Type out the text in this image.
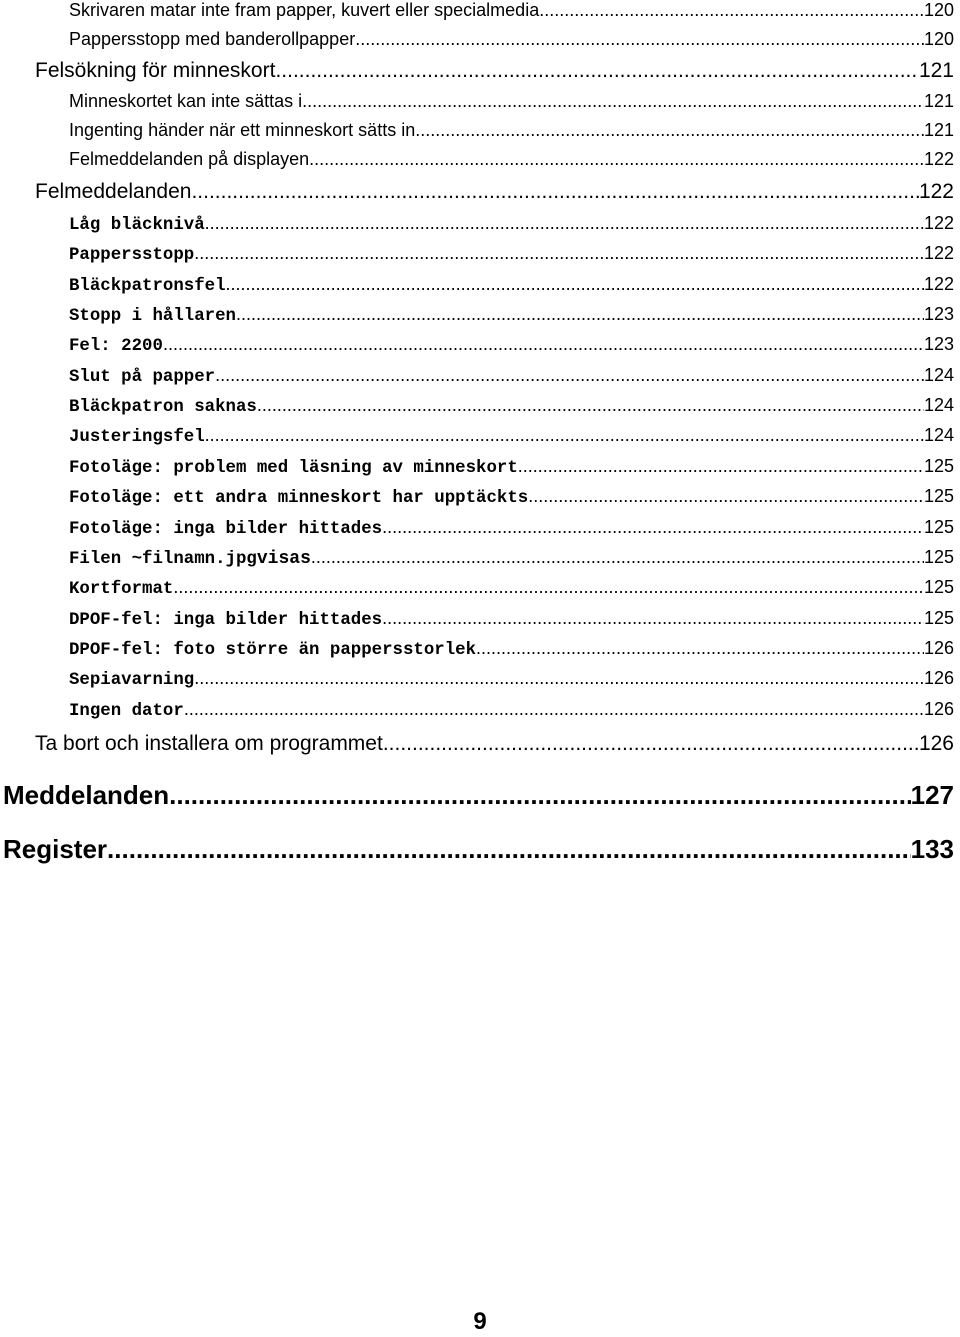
Skrivaren matar inte fram papper, kuvert eller specialmedia .....	120
Pappersstopp med banderollpapper .....	120
Felsökning för minneskort .....	121
Minneskortet kan inte sättas i .....	121
Ingenting händer när ett minneskort sätts in .....	121
Felmeddelanden på displayen .....	122
Felmeddelanden .....	122
Låg bläcknivå .....	122
Pappersstopp .....	122
Bläckpatronsfel .....	122
Stopp i hållaren .....	123
Fel: 2200 .....	123
Slut på papper .....	124
Bläckpatron saknas .....	124
Justeringsfel .....	124
Fotoläge: problem med läsning av minneskort .....	125
Fotoläge: ett andra minneskort har upptäckts .....	125
Fotoläge: inga bilder hittades .....	125
Filen ~filnamn.jpg visas .....	125
Kortformat .....	125
DPOF-fel: inga bilder hittades .....	125
DPOF-fel: foto större än pappersstorlek .....	126
Sepiavarning .....	126
Ingen dator .....	126
Ta bort och installera om programmet .....	126
Meddelanden .....	127
Register .....	133
9
